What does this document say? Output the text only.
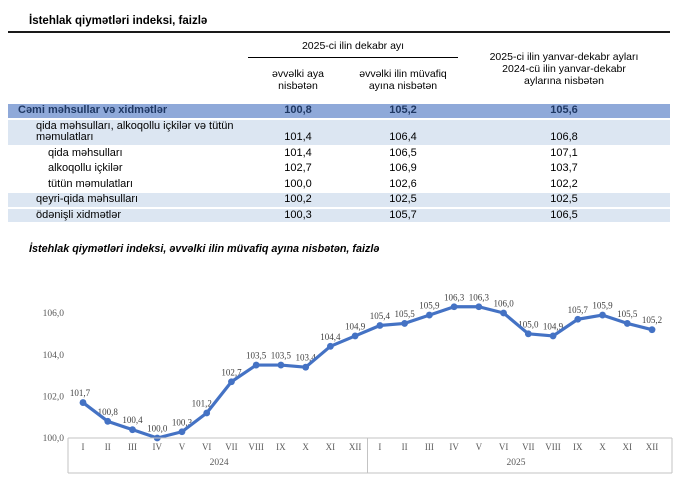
İstehlak qiymətləri indeksi, faizlə
	2025-ci ilin dekabr ayı		2025-ci ilin yanvar-dekabr ayları
2024-cü ilin yanvar-dekabr aylarına nisbətən

	əvvəlki aya nisbətən	əvvəlki ilin müvafiq ayına nisbətən	
Cəmi məhsullar və xidmətlər	100,8	105,2	105,6
qida məhsulları, alkoqollu içkilər və tütün məmulatları	101,4	106,4	106,8
qida məhsulları	101,4	106,5	107,1
alkoqollu içkilər	102,7	106,9	103,7
tütün məmulatları	100,0	102,6	102,2
qeyri-qida məhsulları	100,2	102,5	102,5
ödənişli xidmətlər	100,3	105,7	106,5
İstehlak qiymətləri indeksi, əvvəlki ilin müvafiq ayına nisbətən, faizlə
100,0
102,0
104,0
106,0
101,7
100,8
100,4
100,0
100,3
101,2
102,7
103,5 103,5 103,4
104,4
104,9
105,4 105,5
105,9
106,3 106,3
106,0
105,0 104,9
105,7 105,9
105,5
105,2
I II III IV V VI VII VIII IX X XI XII I II III IV V VI VII VIII IX X XI XII
2024	2025
